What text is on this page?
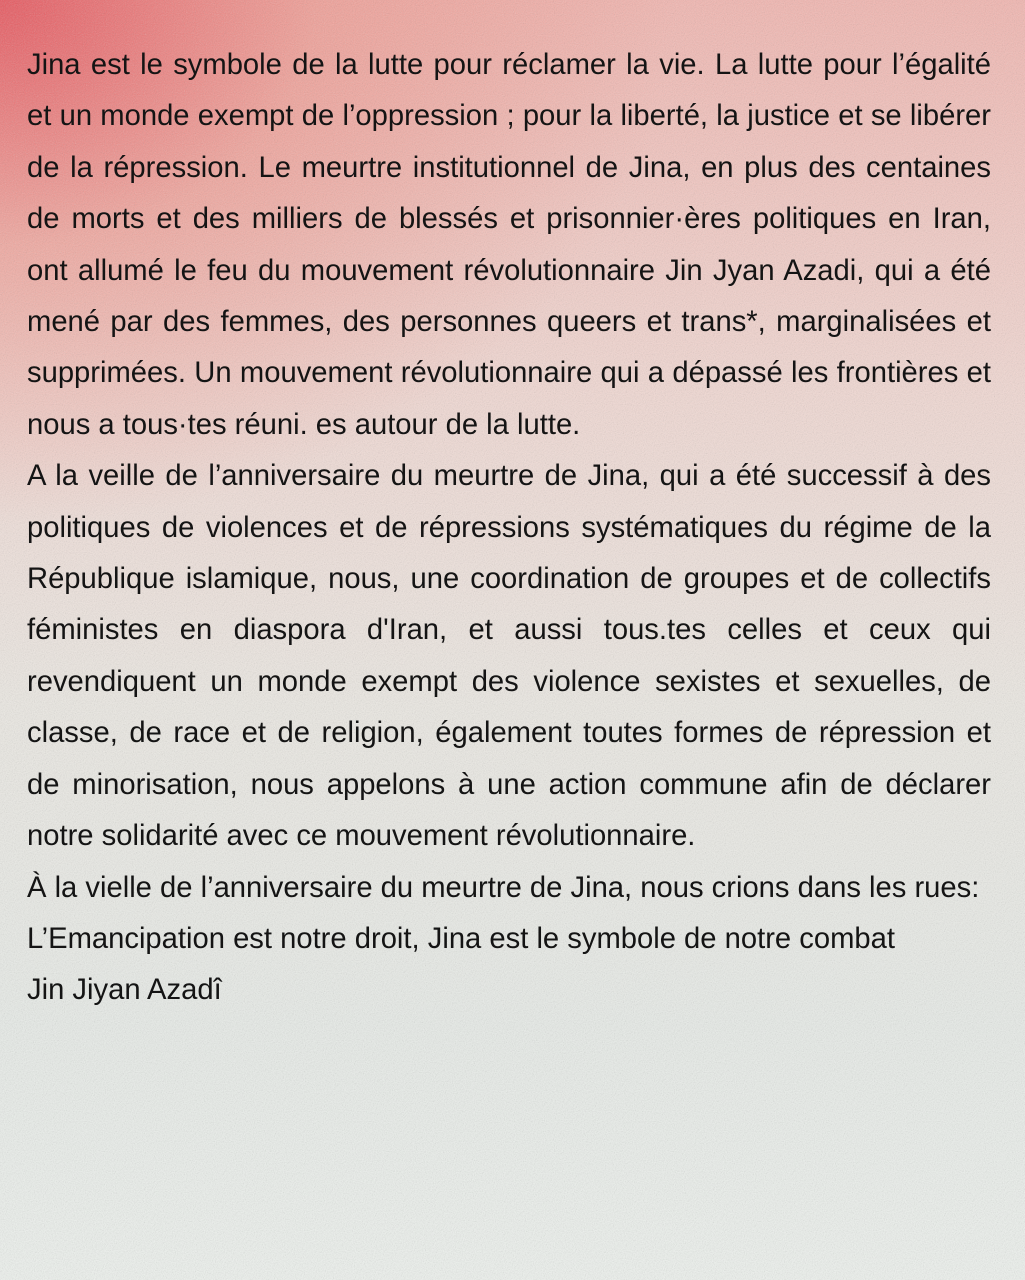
Jina est le symbole de la lutte pour réclamer la vie. La lutte pour l’égalité et un monde exempt de l’oppression ; pour la liberté, la justice et se libérer de la répression. Le meurtre institutionnel de Jina, en plus des centaines de morts et des milliers de blessés et prisonnier·ères politiques en Iran, ont allumé le feu du mouvement révolutionnaire Jin Jyan Azadi, qui a été mené par des femmes, des personnes queers et trans*, marginalisées et supprimées. Un mouvement révolutionnaire qui a dépassé les frontières et nous a tous·tes réuni. es autour de la lutte.

A la veille de l’anniversaire du meurtre de Jina, qui a été successif à des politiques de violences et de répressions systématiques du régime de la République islamique, nous, une coordination de groupes et de collectifs féministes en diaspora d'Iran, et aussi tous.tes celles et ceux qui revendiquent un monde exempt des violence sexistes et sexuelles, de classe, de race et de religion, également toutes formes de répression et de minorisation, nous appelons à une action commune afin de déclarer notre solidarité avec ce mouvement révolutionnaire.

À la vielle de l’anniversaire du meurtre de Jina, nous crions dans les rues:

L’Emancipation est notre droit, Jina est le symbole de notre combat

Jin Jiyan Azadî
